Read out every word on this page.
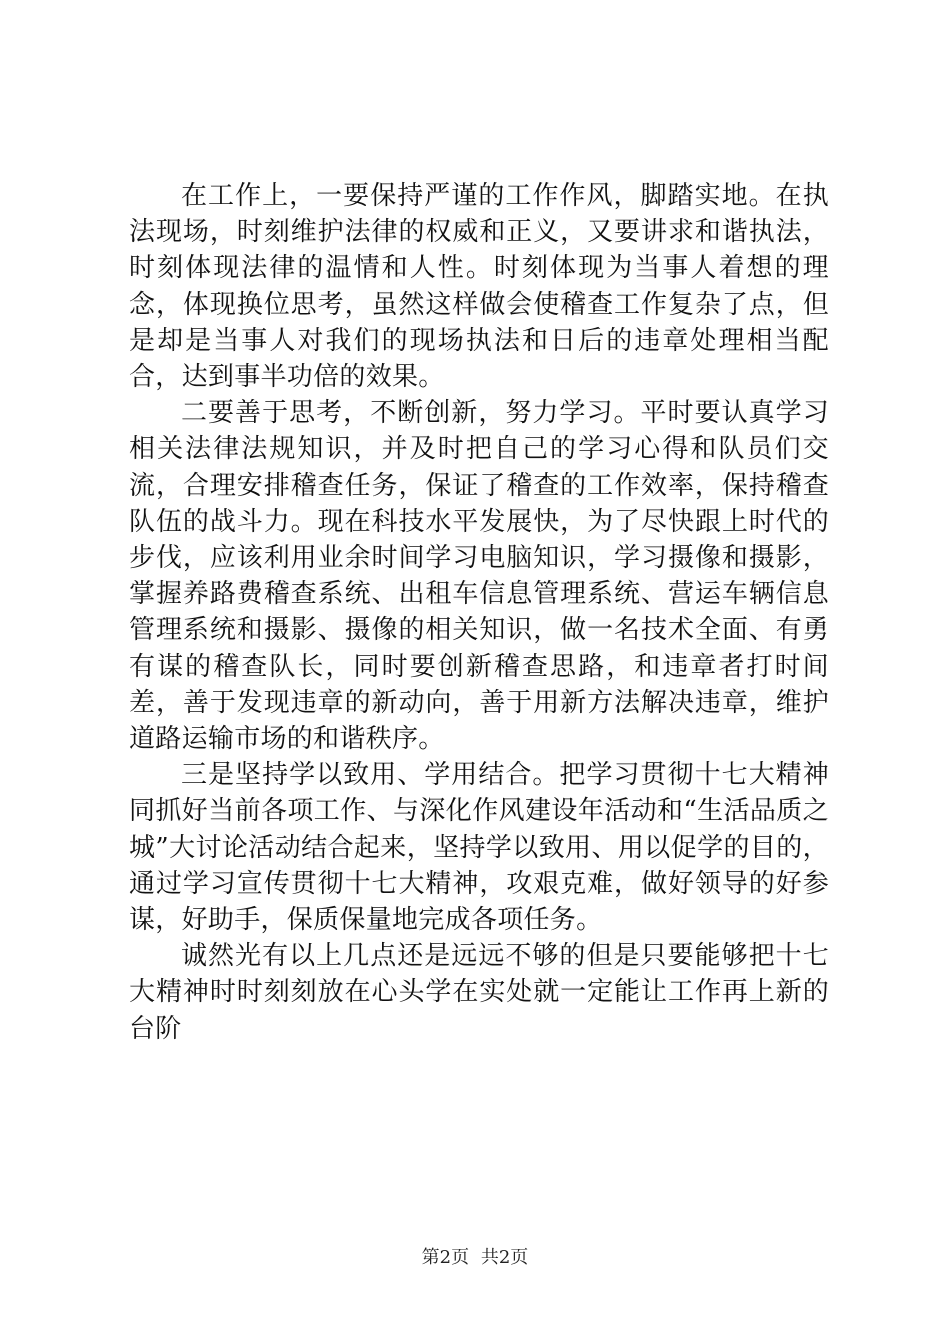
在工作上，一要保持严谨的工作作风，脚踏实地。在执法现场，时刻维护法律的权威和正义，又要讲求和谐执法，时刻体现法律的温情和人性。时刻体现为当事人着想的理念，体现换位思考，虽然这样做会使稽查工作复杂了点，但是却是当事人对我们的现场执法和日后的违章处理相当配合，达到事半功倍的效果。

二要善于思考，不断创新，努力学习。平时要认真学习相关法律法规知识，并及时把自己的学习心得和队员们交流，合理安排稽查任务，保证了稽查的工作效率，保持稽查队伍的战斗力。现在科技水平发展快，为了尽快跟上时代的步伐，应该利用业余时间学习电脑知识，学习摄像和摄影，掌握养路费稽查系统、出租车信息管理系统、营运车辆信息管理系统和摄影、摄像的相关知识，做一名技术全面、有勇有谋的稽查队长，同时要创新稽查思路，和违章者打时间差，善于发现违章的新动向，善于用新方法解决违章，维护道路运输市场的和谐秩序。

三是坚持学以致用、学用结合。把学习贯彻十七大精神同抓好当前各项工作、与深化作风建设年活动和“生活品质之城”大讨论活动结合起来，坚持学以致用、用以促学的目的，通过学习宣传贯彻十七大精神，攻艰克难，做好领导的好参谋，好助手，保质保量地完成各项任务。

诚然光有以上几点还是远远不够的但是只要能够把十七大精神时时刻刻放在心头学在实处就一定能让工作再上新的台阶

第2页 共2页
